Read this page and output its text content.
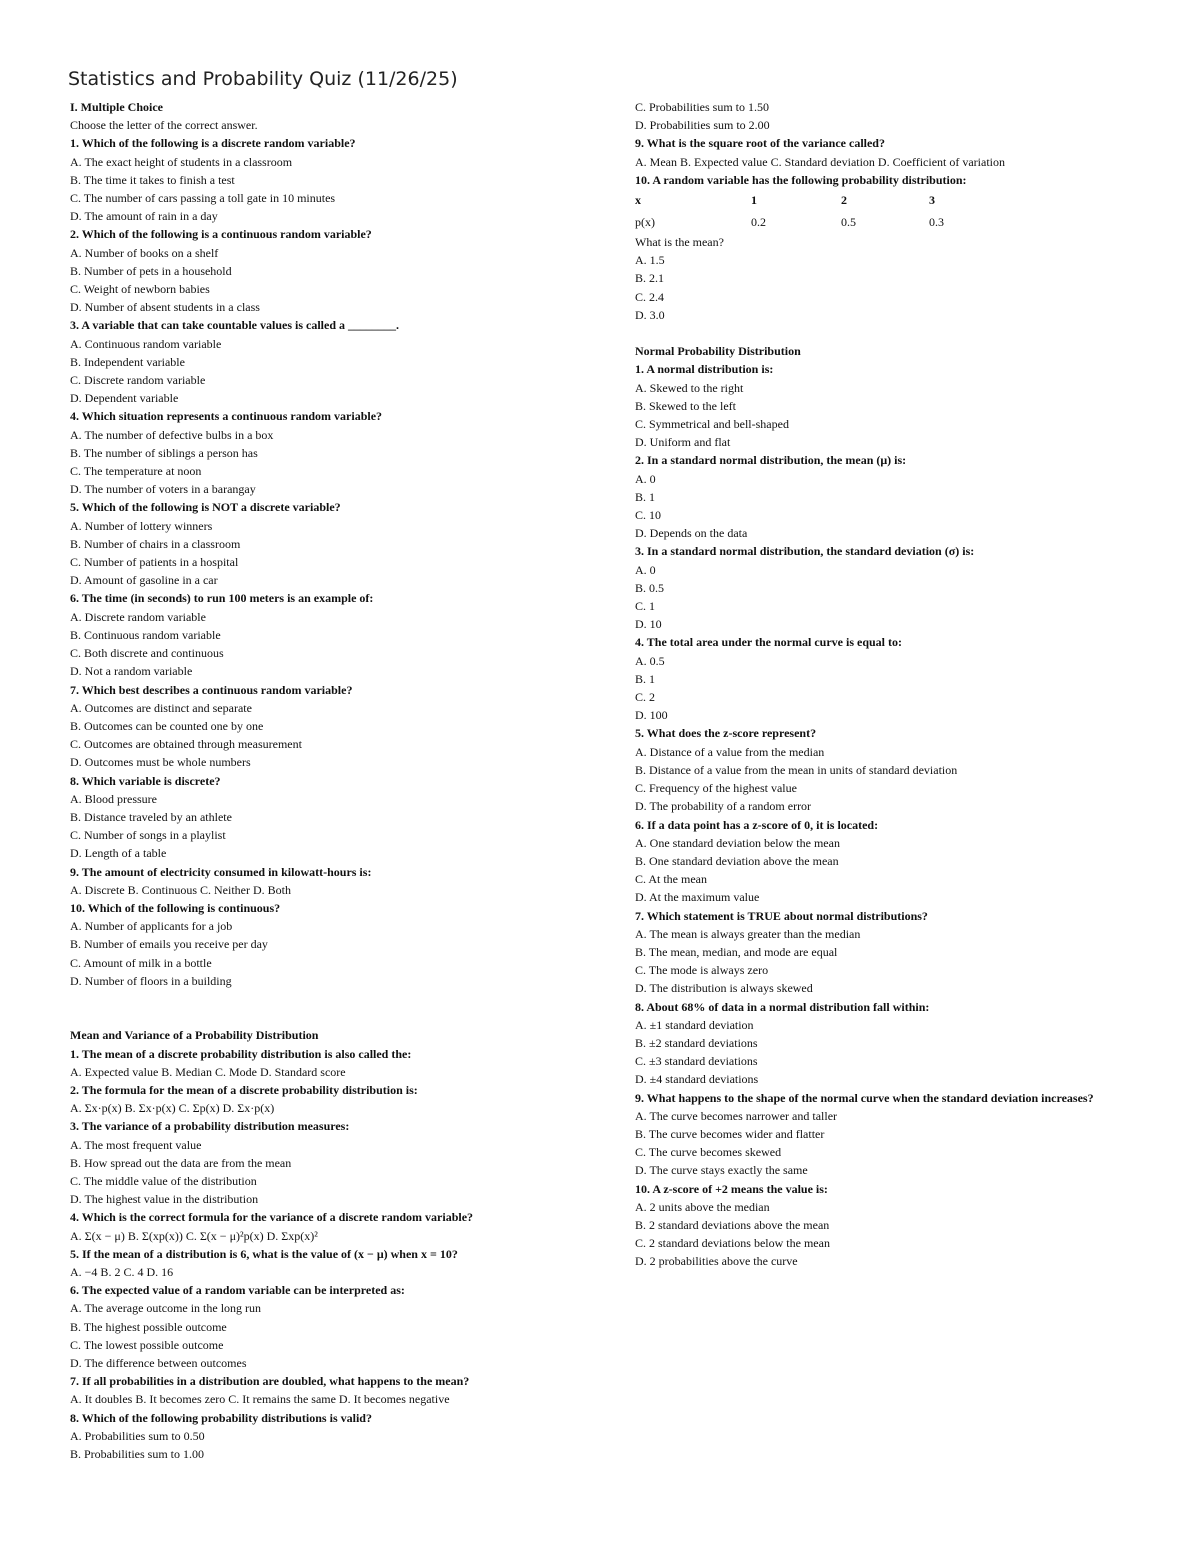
Statistics and Probability Quiz (11/26/25)
I. Multiple Choice
Choose the letter of the correct answer.
1. Which of the following is a discrete random variable?
A. The exact height of students in a classroom
B. The time it takes to finish a test
C. The number of cars passing a toll gate in 10 minutes
D. The amount of rain in a day
2. Which of the following is a continuous random variable?
A. Number of books on a shelf
B. Number of pets in a household
C. Weight of newborn babies
D. Number of absent students in a class
3. A variable that can take countable values is called a ________.
A. Continuous random variable
B. Independent variable
C. Discrete random variable
D. Dependent variable
4. Which situation represents a continuous random variable?
A. The number of defective bulbs in a box
B. The number of siblings a person has
C. The temperature at noon
D. The number of voters in a barangay
5. Which of the following is NOT a discrete variable?
A. Number of lottery winners
B. Number of chairs in a classroom
C. Number of patients in a hospital
D. Amount of gasoline in a car
6. The time (in seconds) to run 100 meters is an example of:
A. Discrete random variable
B. Continuous random variable
C. Both discrete and continuous
D. Not a random variable
7. Which best describes a continuous random variable?
A. Outcomes are distinct and separate
B. Outcomes can be counted one by one
C. Outcomes are obtained through measurement
D. Outcomes must be whole numbers
8. Which variable is discrete?
A. Blood pressure
B. Distance traveled by an athlete
C. Number of songs in a playlist
D. Length of a table
9. The amount of electricity consumed in kilowatt-hours is:
A. Discrete B. Continuous C. Neither D. Both
10. Which of the following is continuous?
A. Number of applicants for a job
B. Number of emails you receive per day
C. Amount of milk in a bottle
D. Number of floors in a building
Mean and Variance of a Probability Distribution
1. The mean of a discrete probability distribution is also called the:
A. Expected value B. Median C. Mode D. Standard score
2. The formula for the mean of a discrete probability distribution is:
A. Σx·p(x) B. Σx·p(x) C. Σp(x) D. Σx·p(x)
3. The variance of a probability distribution measures:
A. The most frequent value
B. How spread out the data are from the mean
C. The middle value of the distribution
D. The highest value in the distribution
4. Which is the correct formula for the variance of a discrete random variable?
A. Σ(x − μ) B. Σ(xp(x)) C. Σ(x − μ)²p(x) D. Σxp(x)²
5. If the mean of a distribution is 6, what is the value of (x − μ) when x = 10?
A. −4 B. 2 C. 4 D. 16
6. The expected value of a random variable can be interpreted as:
A. The average outcome in the long run
B. The highest possible outcome
C. The lowest possible outcome
D. The difference between outcomes
7. If all probabilities in a distribution are doubled, what happens to the mean?
A. It doubles B. It becomes zero C. It remains the same D. It becomes negative
8. Which of the following probability distributions is valid?
A. Probabilities sum to 0.50
B. Probabilities sum to 1.00
C. Probabilities sum to 1.50
D. Probabilities sum to 2.00
9. What is the square root of the variance called?
A. Mean B. Expected value C. Standard deviation D. Coefficient of variation
10. A random variable has the following probability distribution:
x	1	2	3
p(x)	0.2	0.5	0.3
What is the mean?
A. 1.5
B. 2.1
C. 2.4
D. 3.0
Normal Probability Distribution
1. A normal distribution is:
A. Skewed to the right
B. Skewed to the left
C. Symmetrical and bell-shaped
D. Uniform and flat
2. In a standard normal distribution, the mean (μ) is:
A. 0
B. 1
C. 10
D. Depends on the data
3. In a standard normal distribution, the standard deviation (σ) is:
A. 0
B. 0.5
C. 1
D. 10
4. The total area under the normal curve is equal to:
A. 0.5
B. 1
C. 2
D. 100
5. What does the z-score represent?
A. Distance of a value from the median
B. Distance of a value from the mean in units of standard deviation
C. Frequency of the highest value
D. The probability of a random error
6. If a data point has a z-score of 0, it is located:
A. One standard deviation below the mean
B. One standard deviation above the mean
C. At the mean
D. At the maximum value
7. Which statement is TRUE about normal distributions?
A. The mean is always greater than the median
B. The mean, median, and mode are equal
C. The mode is always zero
D. The distribution is always skewed
8. About 68% of data in a normal distribution fall within:
A. ±1 standard deviation
B. ±2 standard deviations
C. ±3 standard deviations
D. ±4 standard deviations
9. What happens to the shape of the normal curve when the standard deviation increases?
A. The curve becomes narrower and taller
B. The curve becomes wider and flatter
C. The curve becomes skewed
D. The curve stays exactly the same
10. A z-score of +2 means the value is:
A. 2 units above the median
B. 2 standard deviations above the mean
C. 2 standard deviations below the mean
D. 2 probabilities above the curve
